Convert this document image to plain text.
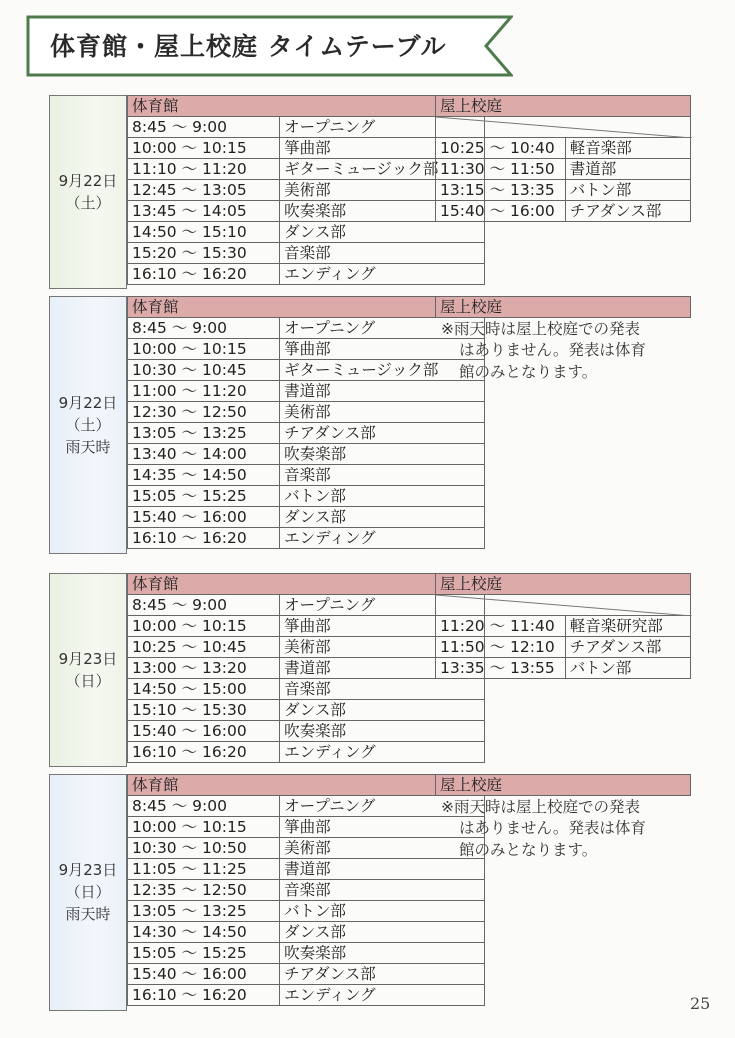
体育館・屋上校庭 タイムテーブル
9月22日
（土）
体育館	
8:45 〜 9:00	オープニング
10:00 〜 10:15	箏曲部
11:10 〜 11:20	ギターミュージック部
12:45 〜 13:05	美術部
13:45 〜 14:05	吹奏楽部
14:50 〜 15:10	ダンス部
15:20 〜 15:30	音楽部
16:10 〜 16:20	エンディング
屋上校庭	

10:25 〜 10:40	軽音楽部
11:30 〜 11:50	書道部
13:15 〜 13:35	バトン部
15:40 〜 16:00	チアダンス部
9月22日
（土）
雨天時
体育館	
8:45 〜 9:00	オープニング
10:00 〜 10:15	箏曲部
10:30 〜 10:45	ギターミュージック部
11:00 〜 11:20	書道部
12:30 〜 12:50	美術部
13:05 〜 13:25	チアダンス部
13:40 〜 14:00	吹奏楽部
14:35 〜 14:50	音楽部
15:05 〜 15:25	バトン部
15:40 〜 16:00	ダンス部
16:10 〜 16:20	エンディング
屋上校庭
※雨天時は屋上校庭での発表
はありません。発表は体育
館のみとなります。
9月23日
（日）
体育館	
8:45 〜 9:00	オープニング
10:00 〜 10:15	箏曲部
10:25 〜 10:45	美術部
13:00 〜 13:20	書道部
14:50 〜 15:00	音楽部
15:10 〜 15:30	ダンス部
15:40 〜 16:00	吹奏楽部
16:10 〜 16:20	エンディング
屋上校庭	

11:20 〜 11:40	軽音楽研究部
11:50 〜 12:10	チアダンス部
13:35 〜 13:55	バトン部
9月23日
（日）
雨天時
体育館	
8:45 〜 9:00	オープニング
10:00 〜 10:15	箏曲部
10:30 〜 10:50	美術部
11:05 〜 11:25	書道部
12:35 〜 12:50	音楽部
13:05 〜 13:25	バトン部
14:30 〜 14:50	ダンス部
15:05 〜 15:25	吹奏楽部
15:40 〜 16:00	チアダンス部
16:10 〜 16:20	エンディング
屋上校庭
※雨天時は屋上校庭での発表
はありません。発表は体育
館のみとなります。
25
